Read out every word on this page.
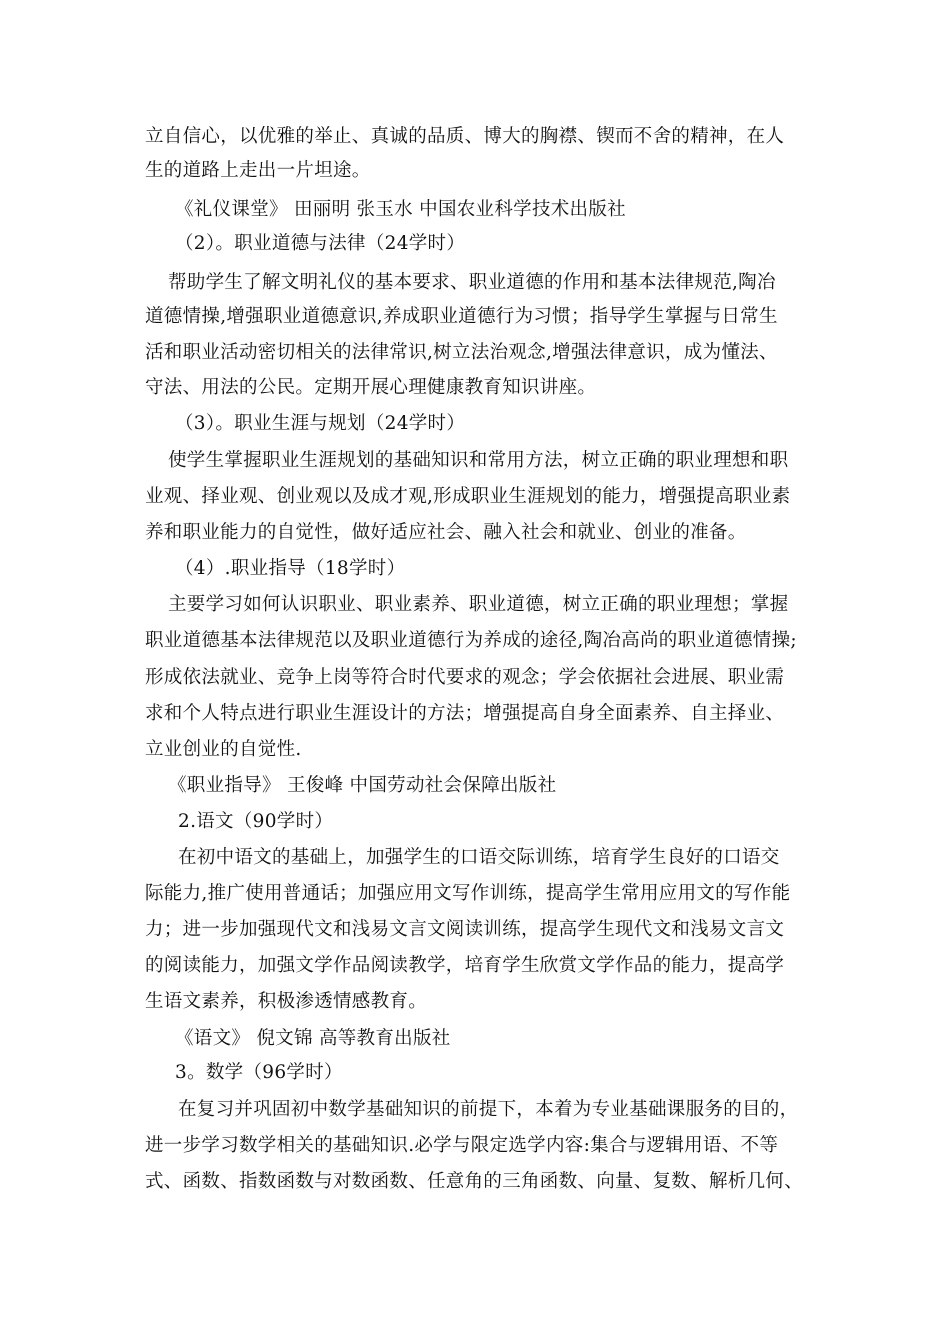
立自信心，以优雅的举止、真诚的品质、博大的胸襟、锲而不舍的精神，在人
生的道路上走出一片坦途。
《礼仪课堂》 田丽明 张玉水 中国农业科学技术出版社
（2）。职业道德与法律（24学时）
帮助学生了解文明礼仪的基本要求、职业道德的作用和基本法律规范,陶冶
道德情操,增强职业道德意识,养成职业道德行为习惯；指导学生掌握与日常生
活和职业活动密切相关的法律常识,树立法治观念,增强法律意识，成为懂法、
守法、用法的公民。定期开展心理健康教育知识讲座。
（3）。职业生涯与规划（24学时）
使学生掌握职业生涯规划的基础知识和常用方法，树立正确的职业理想和职
业观、择业观、创业观以及成才观,形成职业生涯规划的能力，增强提高职业素
养和职业能力的自觉性，做好适应社会、融入社会和就业、创业的准备。
（4）.职业指导（18学时）
主要学习如何认识职业、职业素养、职业道德，树立正确的职业理想；掌握
职业道德基本法律规范以及职业道德行为养成的途径,陶冶高尚的职业道德情操;
形成依法就业、竞争上岗等符合时代要求的观念；学会依据社会进展、职业需
求和个人特点进行职业生涯设计的方法；增强提高自身全面素养、自主择业、
立业创业的自觉性.
《职业指导》 王俊峰 中国劳动社会保障出版社
2.语文（90学时）
在初中语文的基础上，加强学生的口语交际训练，培育学生良好的口语交
际能力,推广使用普通话；加强应用文写作训练，提高学生常用应用文的写作能
力；进一步加强现代文和浅易文言文阅读训练，提高学生现代文和浅易文言文
的阅读能力，加强文学作品阅读教学，培育学生欣赏文学作品的能力，提高学
生语文素养，积极渗透情感教育。
《语文》 倪文锦 高等教育出版社
3。数学（96学时）
在复习并巩固初中数学基础知识的前提下，本着为专业基础课服务的目的，
进一步学习数学相关的基础知识.必学与限定选学内容:集合与逻辑用语、不等
式、函数、指数函数与对数函数、任意角的三角函数、向量、复数、解析几何、
